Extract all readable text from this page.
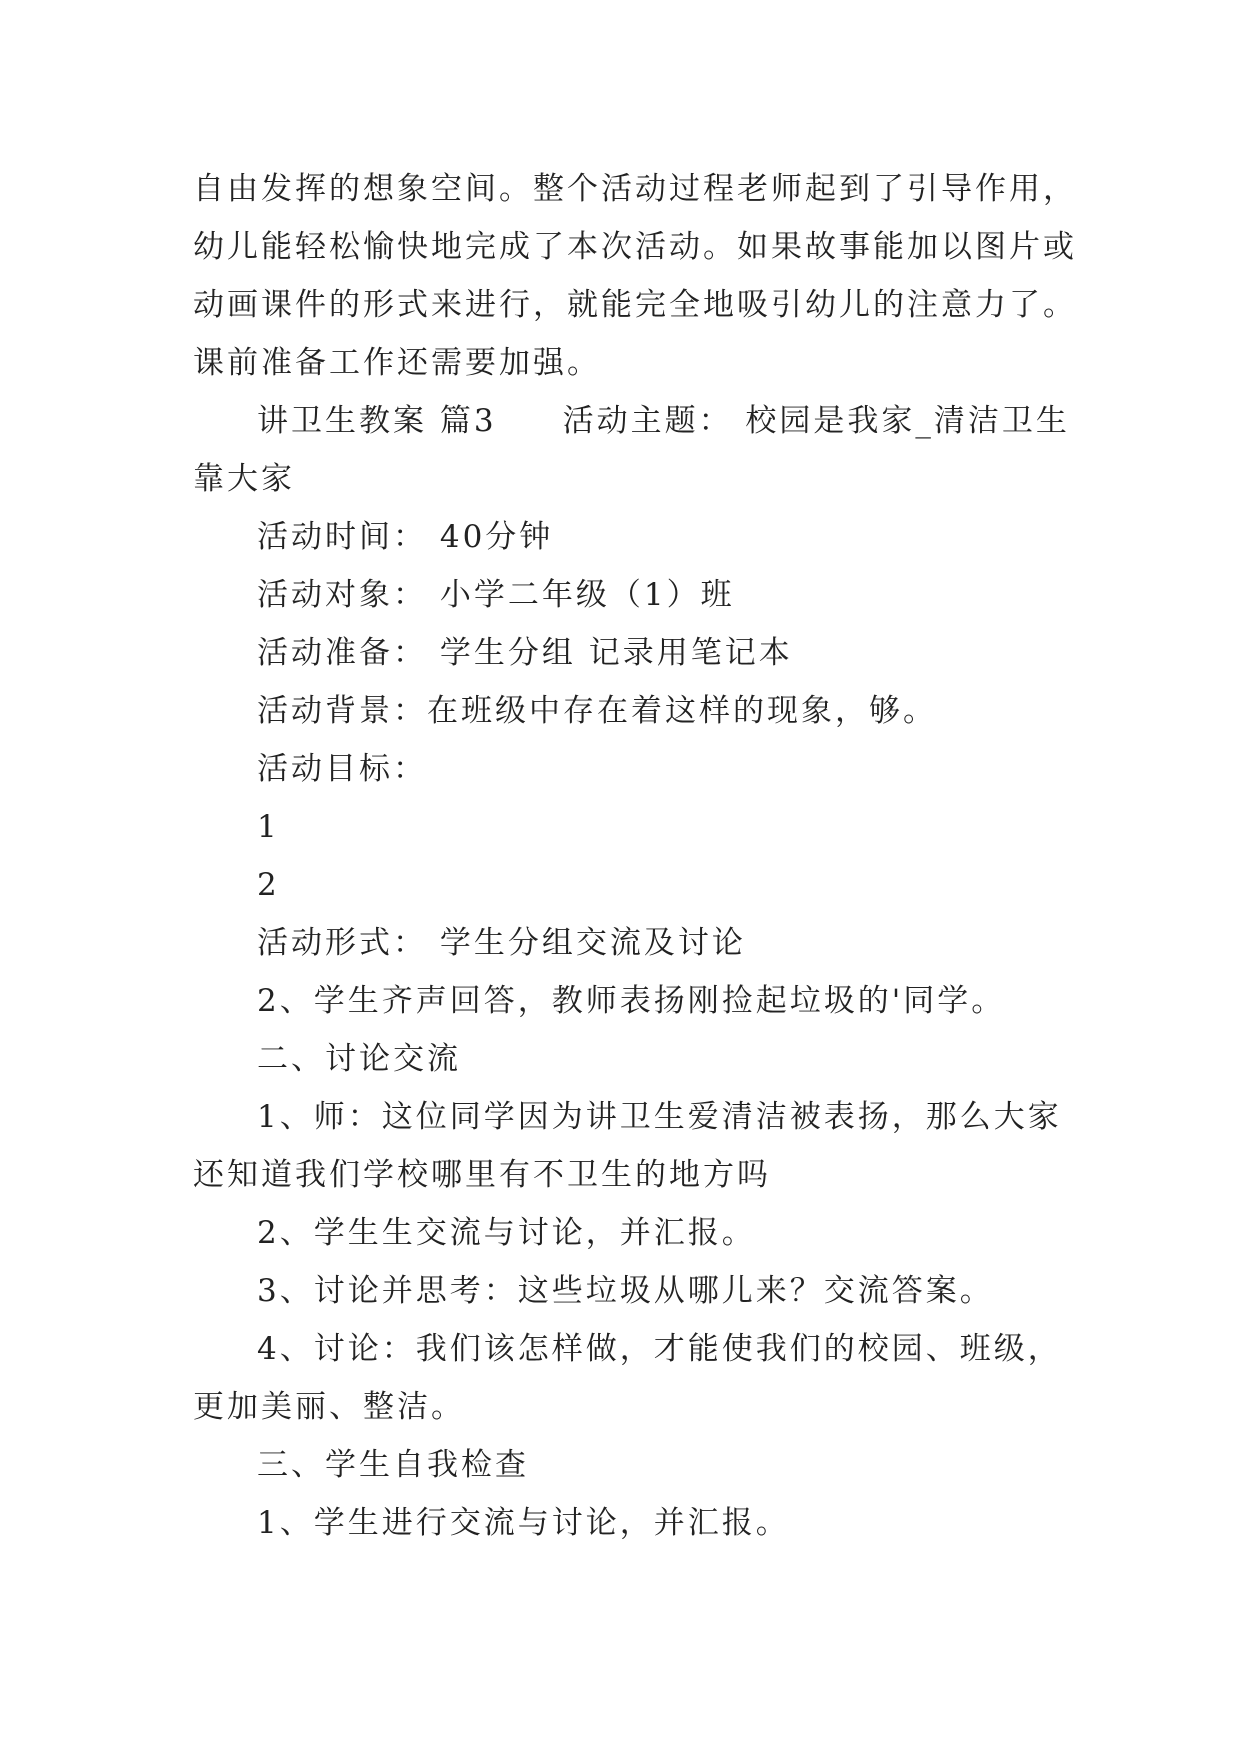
自由发挥的想象空间。整个活动过程老师起到了引导作用，
幼儿能轻松愉快地完成了本次活动。如果故事能加以图片或
动画课件的形式来进行，就能完全地吸引幼儿的注意力了。
课前准备工作还需要加强。
讲卫生教案 篇3 活动主题： 校园是我家_清洁卫生
靠大家
活动时间： 40分钟
活动对象： 小学二年级（1）班
活动准备： 学生分组 记录用笔记本
活动背景：在班级中存在着这样的现象，够。
活动目标：
1
2
活动形式： 学生分组交流及讨论
2、学生齐声回答，教师表扬刚捡起垃圾的'同学。
二、讨论交流
1、师：这位同学因为讲卫生爱清洁被表扬，那么大家
还知道我们学校哪里有不卫生的地方吗
2、学生生交流与讨论，并汇报。
3、讨论并思考：这些垃圾从哪儿来？交流答案。
4、讨论：我们该怎样做，才能使我们的校园、班级，
更加美丽、整洁。
三、学生自我检查
1、学生进行交流与讨论，并汇报。
